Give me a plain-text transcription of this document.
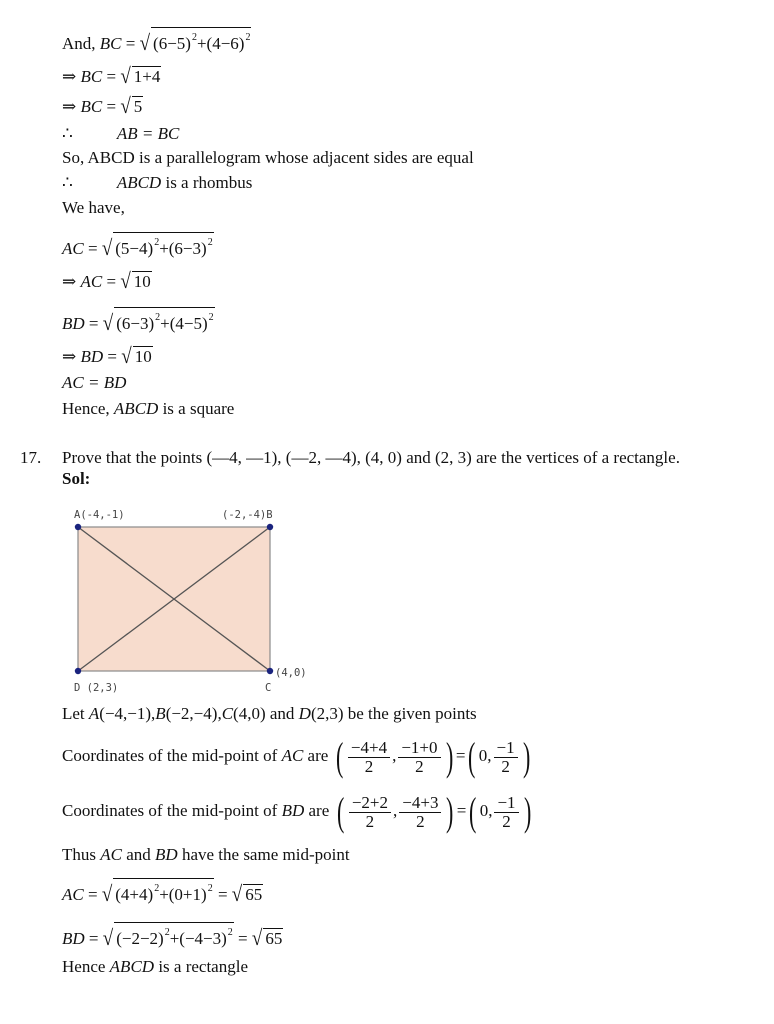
And, BC = √ $(6-5)^2+(4-6)^2$
⇒ BC = √ 1+4
⇒ BC = √ 5
∴	AB = BC
So, ABCD is a parallelogram whose adjacent sides are equal
∴	ABCD is a rhombus
We have,
AC = √ $(5-4)^2+(6-3)^2$
⇒ AC = √ 10
BD = √ $(6-3)^2+(4-5)^2$
⇒ BD = √ 10
AC = BD
Hence, ABCD is a square
17. Prove that the points (—4, —1), (—2, —4), (4, 0) and (2, 3) are the vertices of a rectangle.
Sol:
A(-4,-1)	(-2,-4)B
(4,0)
C
D (2,3)
Let A(−4,−1),B(−2,−4),C(4,0) and D(2,3) be the given points
Coordinates of the mid-point of AC are ( $\frac{-4+4}{2}$ , $\frac{-1+0}{2}$ ) =( 0, $\frac{-1}{2}$ )
Coordinates of the mid-point of BD are ( $\frac{-2+2}{2}$ , $\frac{-4+3}{2}$ ) =( 0, $\frac{-1}{2}$ )
Thus AC and BD have the same mid-point
AC = √ $(4+4)^2+(0+1)^2$ = √ 65
BD = √ $(-2-2)^2+(-4-3)^2$ = √ 65
Hence ABCD is a rectangle
